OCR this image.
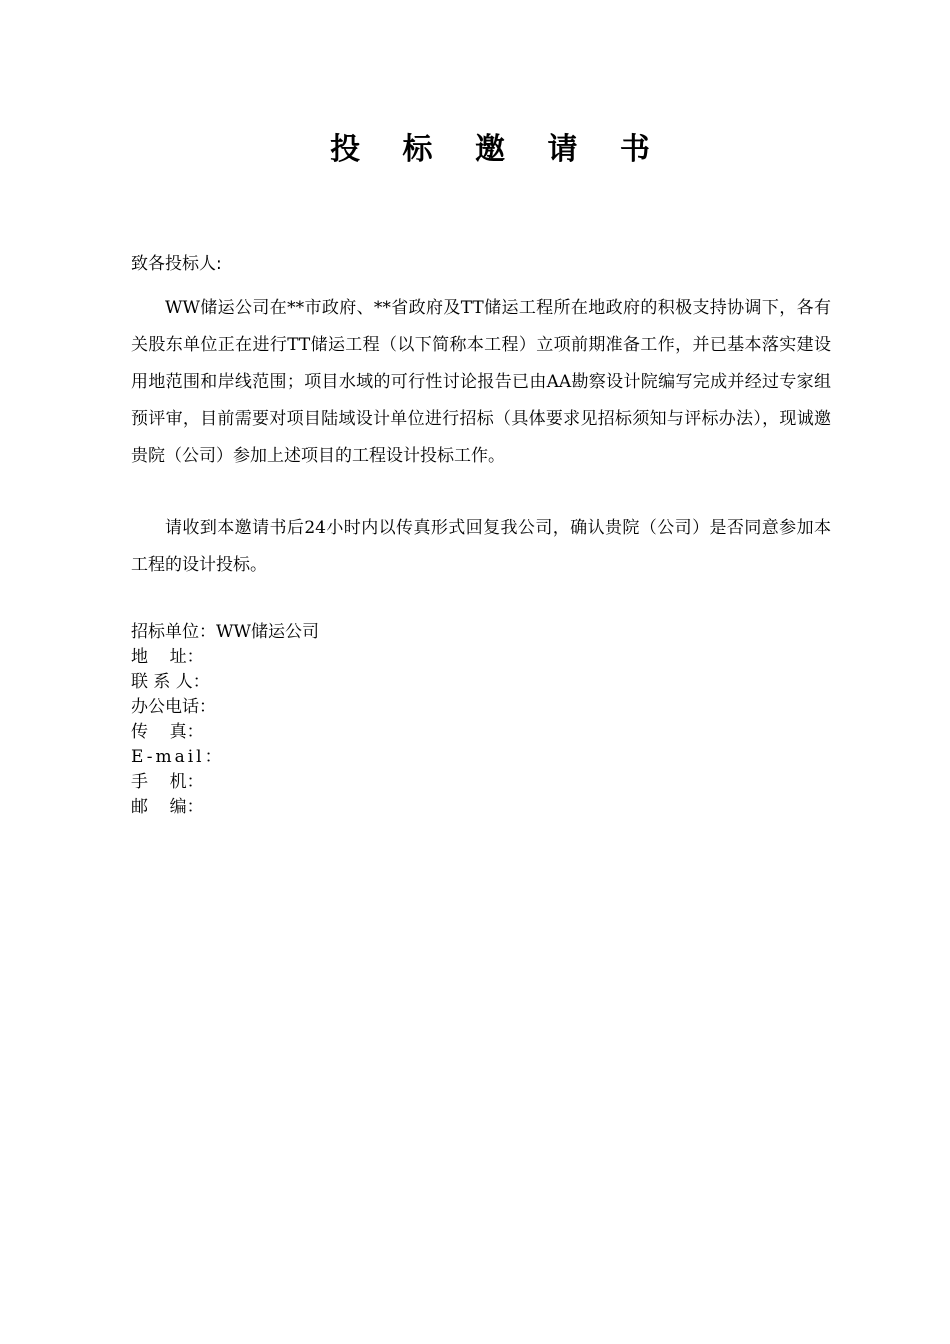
投 标 邀 请 书
致各投标人:
WW储运公司在**市政府、**省政府及TT储运工程所在地政府的积极支持协调下，各有关股东单位正在进行TT储运工程（以下简称本工程）立项前期准备工作，并已基本落实建设用地范围和岸线范围；项目水域的可行性讨论报告已由AA勘察设计院编写完成并经过专家组预评审，目前需要对项目陆域设计单位进行招标（具体要求见招标须知与评标办法），现诚邀贵院（公司）参加上述项目的工程设计投标工作。
请收到本邀请书后24小时内以传真形式回复我公司，确认贵院（公司）是否同意参加本工程的设计投标。
招标单位：WW储运公司
地    址：
联 系 人：
办公电话：
传    真：
E-mail：
手    机：
邮    编：
